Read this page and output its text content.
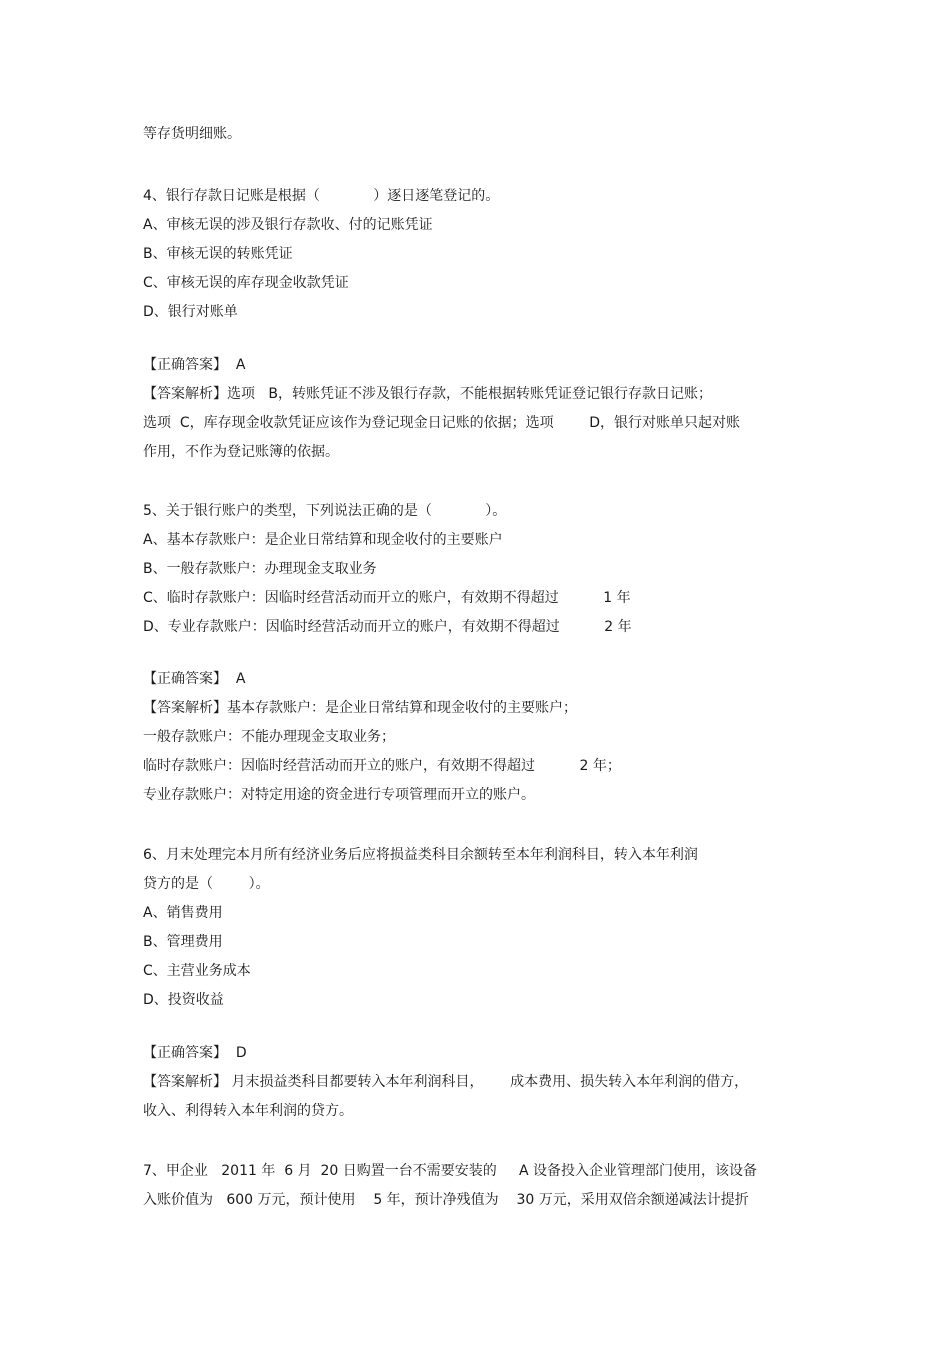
等存货明细账。

4、银行存款日记账是根据（            ）逐日逐笔登记的。

A、审核无误的涉及银行存款收、付的记账凭证

B、审核无误的转账凭证

C、审核无误的库存现金收款凭证

D、银行对账单

【正确答案】  A

【答案解析】选项   B，转账凭证不涉及银行存款，不能根据转账凭证登记银行存款日记账；

选项  C，库存现金收款凭证应该作为登记现金日记账的依据；选项        D，银行对账单只起对账

作用，不作为登记账簿的依据。

5、关于银行账户的类型，下列说法正确的是（            ）。

A、基本存款账户：是企业日常结算和现金收付的主要账户

B、一般存款账户：办理现金支取业务

C、临时存款账户：因临时经营活动而开立的账户，有效期不得超过          1 年

D、专业存款账户：因临时经营活动而开立的账户，有效期不得超过          2 年

【正确答案】  A

【答案解析】基本存款账户：是企业日常结算和现金收付的主要账户；

一般存款账户：不能办理现金支取业务；

临时存款账户：因临时经营活动而开立的账户，有效期不得超过          2 年；

专业存款账户：对特定用途的资金进行专项管理而开立的账户。

6、月末处理完本月所有经济业务后应将损益类科目余额转至本年利润科目，转入本年利润

贷方的是（        ）。

A、销售费用

B、管理费用

C、主营业务成本

D、投资收益

【正确答案】  D

【答案解析】 月末损益类科目都要转入本年利润科目，      成本费用、损失转入本年利润的借方，

收入、利得转入本年利润的贷方。

7、甲企业   2011 年  6 月  20 日购置一台不需要安装的     A 设备投入企业管理部门使用，该设备

入账价值为   600 万元，预计使用    5 年，预计净残值为    30 万元，采用双倍余额递减法计提折
